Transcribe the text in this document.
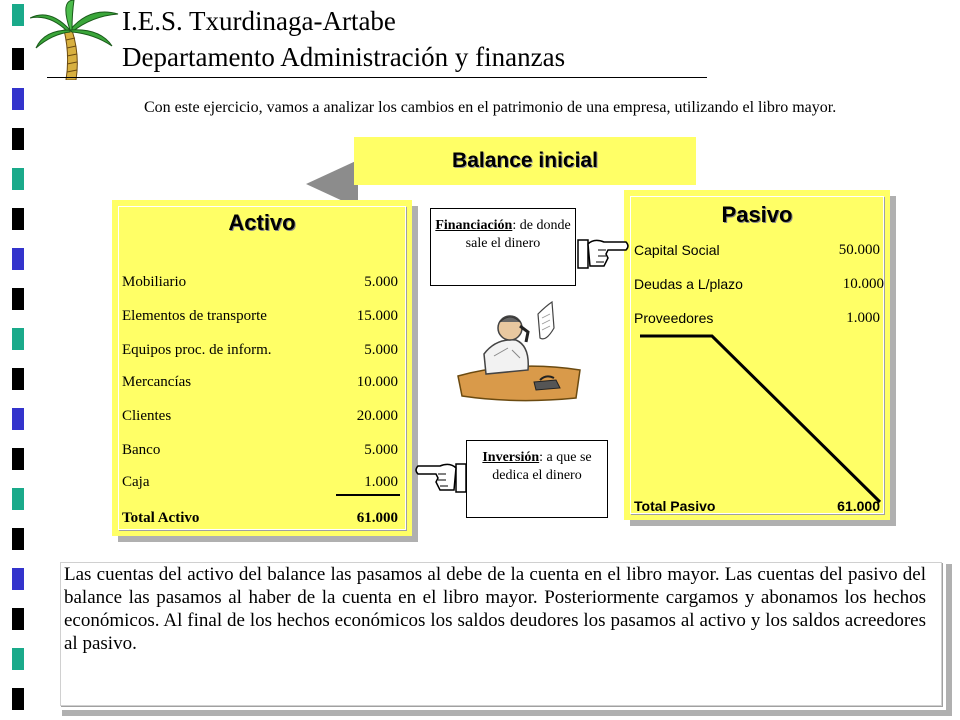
I.E.S. Txurdinaga-Artabe
Departamento Administración y finanzas
Con este ejercicio, vamos a analizar los cambios en el patrimonio de una empresa, utilizando el libro mayor.
Balance inicial
Activo
Mobiliario	5.000
Elementos de transporte	15.000
Equipos proc. de inform.	5.000
Mercancías	10.000
Clientes	20.000
Banco	5.000
Caja	1.000
Total Activo	61.000
Pasivo
Capital Social	50.000
Deudas a L/plazo	10.000
Proveedores	1.000
Total Pasivo	61.000
Financiación: de donde sale el dinero
Inversión: a que se dedica el dinero
Las cuentas del activo del balance las pasamos al debe de la cuenta en el libro mayor. Las cuentas del pasivo del balance las pasamos al haber de la cuenta en el libro mayor. Posteriormente cargamos y abonamos los hechos económicos. Al final de los hechos económicos los saldos deudores los pasamos al activo y los saldos acreedores al pasivo.
